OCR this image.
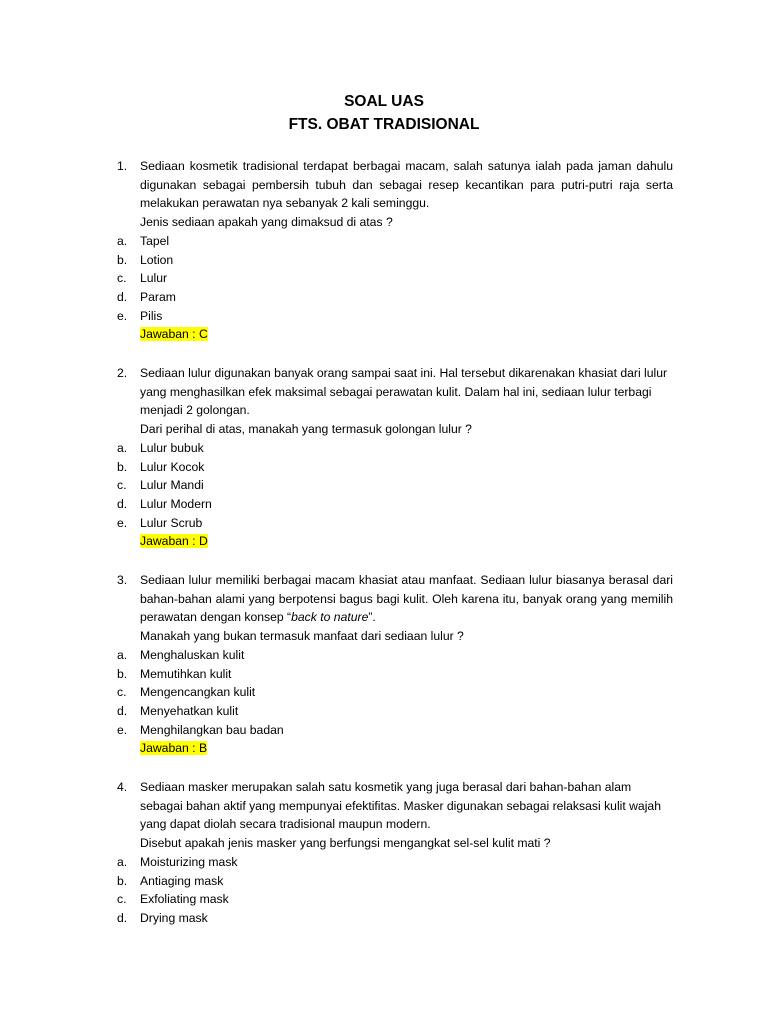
SOAL UAS
FTS. OBAT TRADISIONAL
1. Sediaan kosmetik tradisional terdapat berbagai macam, salah satunya ialah pada jaman dahulu digunakan sebagai pembersih tubuh dan sebagai resep kecantikan para putri-putri raja serta melakukan perawatan nya sebanyak 2 kali seminggu.
Jenis sediaan apakah yang dimaksud di atas ?
a. Tapel
b. Lotion
c. Lulur
d. Param
e. Pilis
Jawaban : C
2. Sediaan lulur digunakan banyak orang sampai saat ini. Hal tersebut dikarenakan khasiat dari lulur yang menghasilkan efek maksimal sebagai perawatan kulit. Dalam hal ini, sediaan lulur terbagi menjadi 2 golongan.
Dari perihal di atas, manakah yang termasuk golongan lulur ?
a. Lulur bubuk
b. Lulur Kocok
c. Lulur Mandi
d. Lulur Modern
e. Lulur Scrub
Jawaban : D
3. Sediaan lulur memiliki berbagai macam khasiat atau manfaat. Sediaan lulur biasanya berasal dari bahan-bahan alami yang berpotensi bagus bagi kulit. Oleh karena itu, banyak orang yang memilih perawatan dengan konsep “back to nature”.
Manakah yang bukan termasuk manfaat dari sediaan lulur ?
a. Menghaluskan kulit
b. Memutihkan kulit
c. Mengencangkan kulit
d. Menyehatkan kulit
e. Menghilangkan bau badan
Jawaban : B
4. Sediaan masker merupakan salah satu kosmetik yang juga berasal dari bahan-bahan alam sebagai bahan aktif yang mempunyai efektifitas. Masker digunakan sebagai relaksasi kulit wajah yang dapat diolah secara tradisional maupun modern.
Disebut apakah jenis masker yang berfungsi mengangkat sel-sel kulit mati ?
a. Moisturizing mask
b. Antiaging mask
c. Exfoliating mask
d. Drying mask
